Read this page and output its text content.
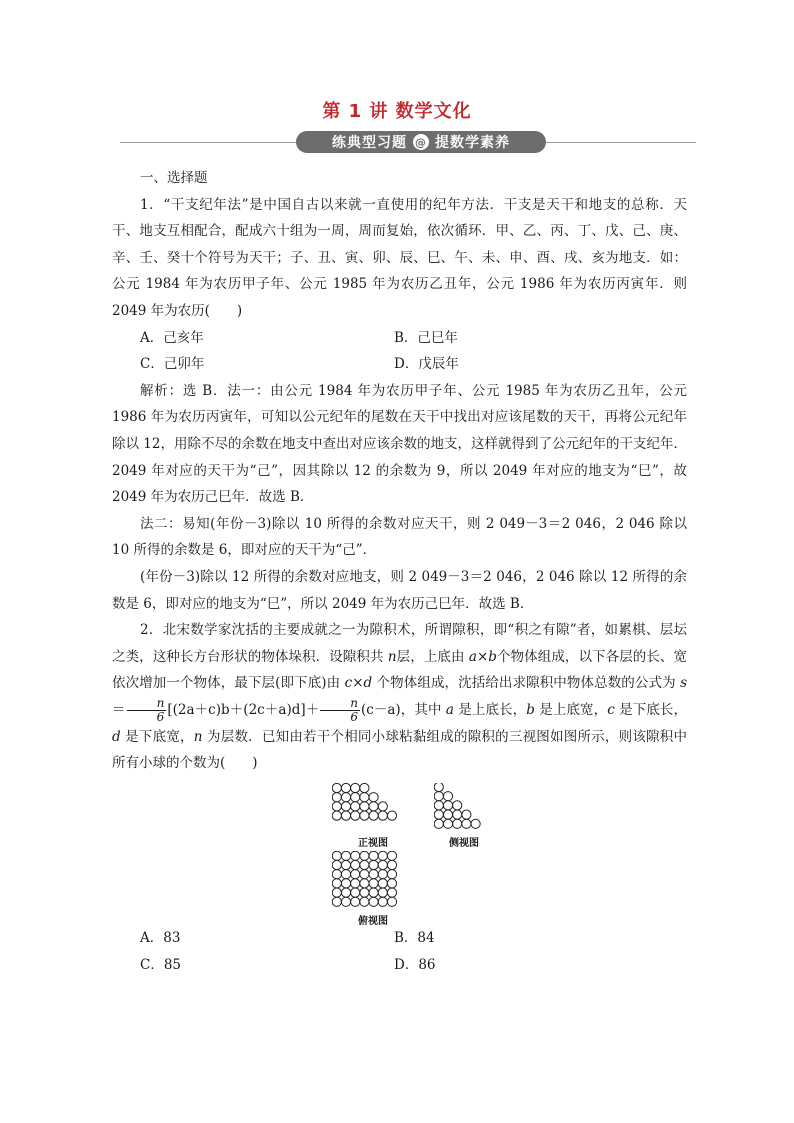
第 1 讲 数学文化
练典型习题 @ 提数学素养
一、选择题

1．“干支纪年法”是中国自古以来就一直使用的纪年方法．干支是天干和地支的总称．天干、地支互相配合，配成六十组为一周，周而复始，依次循环．甲、乙、丙、丁、戊、己、庚、辛、壬、癸十个符号为天干；子、丑、寅、卯、辰、巳、午、未、申、酉、戌、亥为地支．如：公元 1984 年为农历甲子年、公元 1985 年为农历乙丑年，公元 1986 年为农历丙寅年．则 2049 年为农历(　　)

A．己亥年	B．己巳年
C．己卯年	D．戊辰年

解析：选 B．法一：由公元 1984 年为农历甲子年、公元 1985 年为农历乙丑年，公元 1986 年为农历丙寅年，可知以公元纪年的尾数在天干中找出对应该尾数的天干，再将公元纪年除以 12，用除不尽的余数在地支中查出对应该余数的地支，这样就得到了公元纪年的干支纪年．2049 年对应的天干为“己”，因其除以 12 的余数为 9，所以 2049 年对应的地支为“巳”，故 2049 年为农历己巳年．故选 B．

法二：易知(年份－3)除以 10 所得的余数对应天干，则 2 049－3＝2 046，2 046 除以 10 所得的余数是 6，即对应的天干为“己”．

(年份－3)除以 12 所得的余数对应地支，则 2 049－3＝2 046，2 046 除以 12 所得的余数是 6，即对应的地支为“巳”，所以 2049 年为农历己巳年．故选 B．

2．北宋数学家沈括的主要成就之一为隙积术，所谓隙积，即“积之有隙”者，如累棋、层坛之类，这种长方台形状的物体垛积．设隙积共 n层，上底由 a×b个物体组成，以下各层的长、宽依次增加一个物体，最下层(即下底)由 c×d 个物体组成，沈括给出求隙积中物体总数的公式为 $s= \frac{n}{6} [(2a+c)b+(2c+a)d]+ \frac{n}{6} (c-a)$，其中 a 是上底长，b 是上底宽，c 是下底长，d 是下底宽，n 为层数．已知由若干个相同小球粘黏组成的隙积的三视图如图所示，则该隙积中所有小球的个数为(　　)

正视图	侧视图
俯视图
A．83	B．84
C．85	D．86
